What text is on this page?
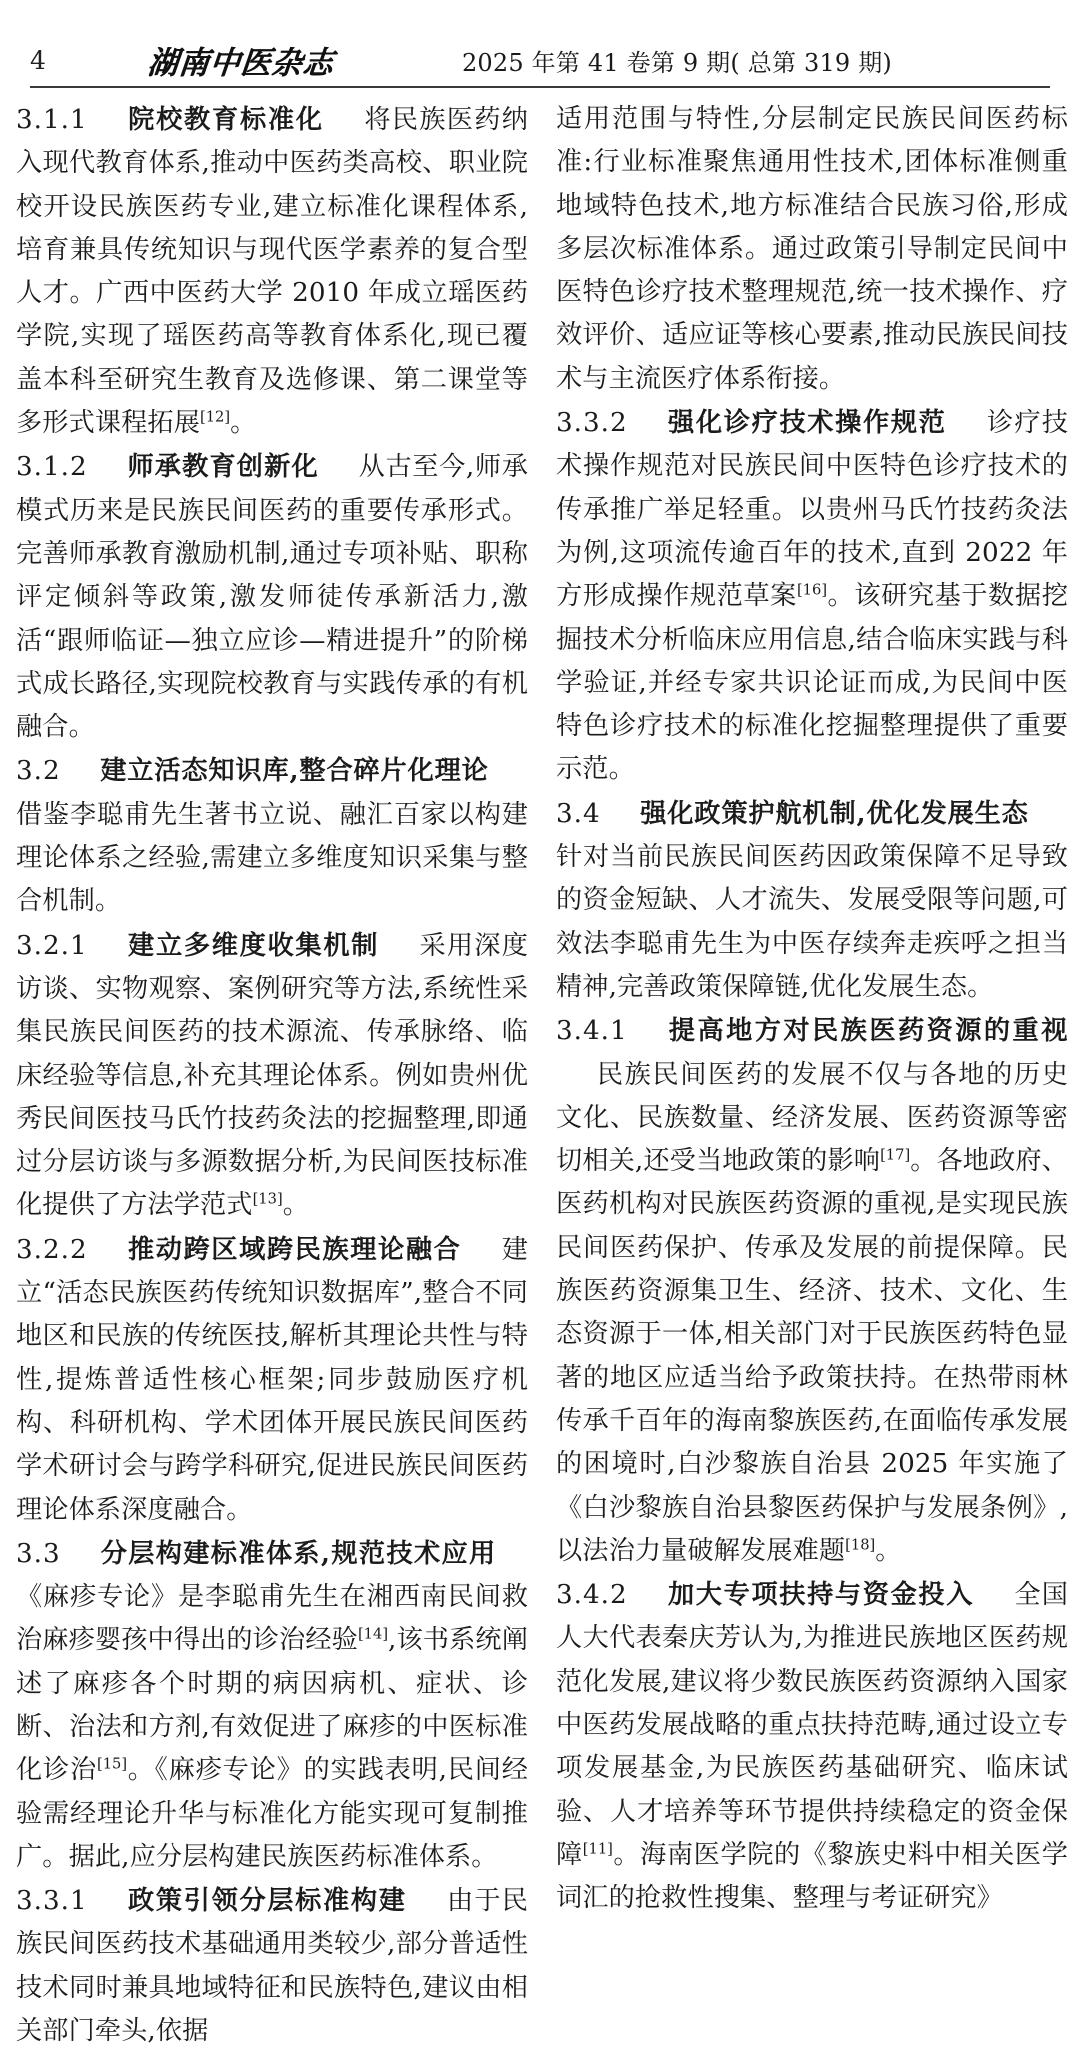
4	湖南中医杂志	2025 年第 41 卷第 9 期( 总第 319 期)

3.1.1 院校教育标准化 将民族医药纳入现代教育体系,推动中医药类高校、职业院校开设民族医药专业,建立标准化课程体系,培育兼具传统知识与现代医学素养的复合型人才。广西中医药大学 2010 年成立瑶医药学院,实现了瑶医药高等教育体系化,现已覆盖本科至研究生教育及选修课、第二课堂等多形式课程拓展[12]。

3.1.2 师承教育创新化 从古至今,师承模式历来是民族民间医药的重要传承形式。完善师承教育激励机制,通过专项补贴、职称评定倾斜等政策,激发师徒传承新活力,激活“跟师临证—独立应诊—精进提升”的阶梯式成长路径,实现院校教育与实践传承的有机融合。

3.2 建立活态知识库,整合碎片化理论借鉴李聪甫先生著书立说、融汇百家以构建理论体系之经验,需建立多维度知识采集与整合机制。

3.2.1 建立多维度收集机制 采用深度访谈、实物观察、案例研究等方法,系统性采集民族民间医药的技术源流、传承脉络、临床经验等信息,补充其理论体系。例如贵州优秀民间医技马氏竹技药灸法的挖掘整理,即通过分层访谈与多源数据分析,为民间医技标准化提供了方法学范式[13]。

3.2.2 推动跨区域跨民族理论融合 建立“活态民族医药传统知识数据库”,整合不同地区和民族的传统医技,解析其理论共性与特性,提炼普适性核心框架;同步鼓励医疗机构、科研机构、学术团体开展民族民间医药学术研讨会与跨学科研究,促进民族民间医药理论体系深度融合。

3.3 分层构建标准体系,规范技术应用《麻疹专论》是李聪甫先生在湘西南民间救治麻疹婴孩中得出的诊治经验[14],该书系统阐述了麻疹各个时期的病因病机、症状、诊断、治法和方剂,有效促进了麻疹的中医标准化诊治[15]。《麻疹专论》的实践表明,民间经验需经理论升华与标准化方能实现可复制推广。据此,应分层构建民族医药标准体系。

3.3.1 政策引领分层标准构建 由于民族民间医药技术基础通用类较少,部分普适性技术同时兼具地域特征和民族特色,建议由相关部门牵头,依据

适用范围与特性,分层制定民族民间医药标准:行业标准聚焦通用性技术,团体标准侧重地域特色技术,地方标准结合民族习俗,形成多层次标准体系。通过政策引导制定民间中医特色诊疗技术整理规范,统一技术操作、疗效评价、适应证等核心要素,推动民族民间技术与主流医疗体系衔接。

3.3.2 强化诊疗技术操作规范 诊疗技术操作规范对民族民间中医特色诊疗技术的传承推广举足轻重。以贵州马氏竹技药灸法为例,这项流传逾百年的技术,直到 2022 年方形成操作规范草案[16]。该研究基于数据挖掘技术分析临床应用信息,结合临床实践与科学验证,并经专家共识论证而成,为民间中医特色诊疗技术的标准化挖掘整理提供了重要示范。

3.4 强化政策护航机制,优化发展生态针对当前民族民间医药因政策保障不足导致的资金短缺、人才流失、发展受限等问题,可效法李聪甫先生为中医存续奔走疾呼之担当精神,完善政策保障链,优化发展生态。

3.4.1 提高地方对民族医药资源的重视民族民间医药的发展不仅与各地的历史文化、民族数量、经济发展、医药资源等密切相关,还受当地政策的影响[17]。各地政府、医药机构对民族医药资源的重视,是实现民族民间医药保护、传承及发展的前提保障。民族医药资源集卫生、经济、技术、文化、生态资源于一体,相关部门对于民族医药特色显著的地区应适当给予政策扶持。在热带雨林传承千百年的海南黎族医药,在面临传承发展的困境时,白沙黎族自治县 2025 年实施了《白沙黎族自治县黎医药保护与发展条例》,以法治力量破解发展难题[18]。

3.4.2 加大专项扶持与资金投入 全国人大代表秦庆芳认为,为推进民族地区医药规范化发展,建议将少数民族医药资源纳入国家中医药发展战略的重点扶持范畴,通过设立专项发展基金,为民族医药基础研究、临床试验、人才培养等环节提供持续稳定的资金保障[11]。海南医学院的《黎族史料中相关医学词汇的抢救性搜集、整理与考证研究》
